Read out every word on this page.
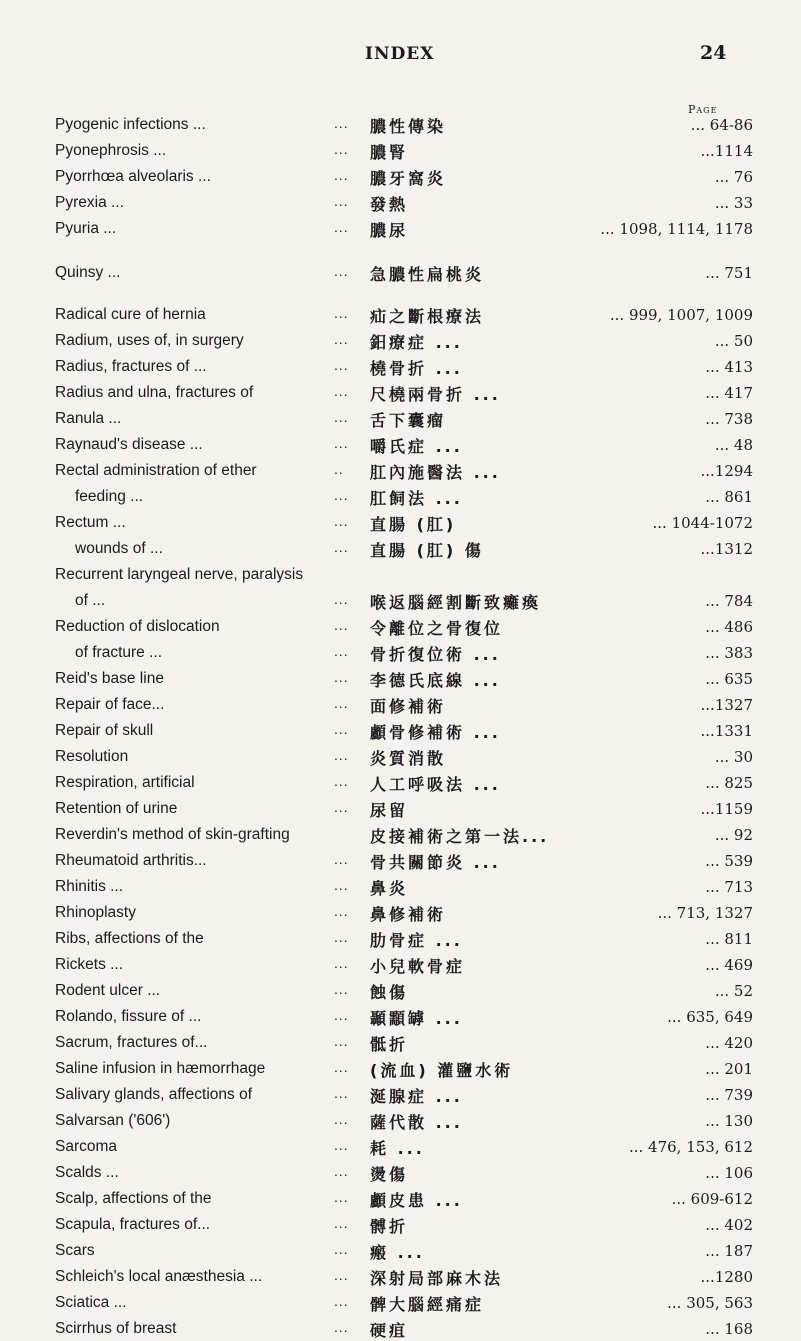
INDEX	24
Page
Pyogenic infections ...	... 膿性傳染	... 64-86
Pyonephrosis ...	... 膿腎	...1114
Pyorrhœa alveolaris ...	... 膿牙窩炎	... 76
Pyrexia ...	... 發熱	... 33
Pyuria ...	... 膿尿	... 1098, 1114, 1178
Quinsy ...	... 急膿性扁桃炎	... 751
Radical cure of hernia	... 疝之斷根療法	... 999, 1007, 1009
Radium, uses of, in surgery	... 鈤療症 ...	... 50
Radius, fractures of ...	... 橈骨折 ...	... 413
Radius and ulna, fractures of	... 尺橈兩骨折 ...	... 417
Ranula ...	... 舌下囊瘤	... 738
Raynaud's disease ...	... 嚼氏症 ...	... 48
Rectal administration of ether	.. 肛內施醫法 ...	...1294
feeding ...	... 肛飼法 ...	... 861
Rectum ...	... 直腸 (肛)	... 1044-1072
wounds of ...	... 直腸 (肛) 傷	...1312
Recurrent laryngeal nerve, paralysis
of ...	... 喉返腦經割斷致癱瘓	... 784
Reduction of dislocation	... 令離位之骨復位	... 486
of fracture ...	... 骨折復位術 ...	... 383
Reid's base line	... 李德氏底線 ...	... 635
Repair of face...	... 面修補術	...1327
Repair of skull	... 顱骨修補術 ...	...1331
Resolution	... 炎質消散	... 30
Respiration, artificial	... 人工呼吸法 ...	... 825
Retention of urine	... 尿留	...1159
Reverdin's method of skin-grafting	皮接補術之第一法...	... 92
Rheumatoid arthritis...	... 骨共關節炎 ...	... 539
Rhinitis ...	... 鼻炎	... 713
Rhinoplasty	... 鼻修補術	... 713, 1327
Ribs, affections of the	... 肋骨症 ...	... 811
Rickets ...	... 小兒軟骨症	... 469
Rodent ulcer ...	... 蝕傷	... 52
Rolando, fissure of ...	... 顳顬罅 ...	... 635, 649
Sacrum, fractures of...	... 骶折	... 420
Saline infusion in hæmorrhage	... (流血) 灌鹽水術	... 201
Salivary glands, affections of	... 涎腺症 ...	... 739
Salvarsan ('606')	... 薩代散 ...	... 130
Sarcoma	... 耗 ...	... 476, 153, 612
Scalds ...	... 燙傷	... 106
Scalp, affections of the	... 顱皮患 ...	... 609-612
Scapula, fractures of...	... 髆折	... 402
Scars	... 瘢 ...	... 187
Schleich's local anæsthesia ...	... 深射局部麻木法	...1280
Sciatica ...	... 髀大腦經痛症	... 305, 563
Scirrhus of breast	... 硬疽	... 168
